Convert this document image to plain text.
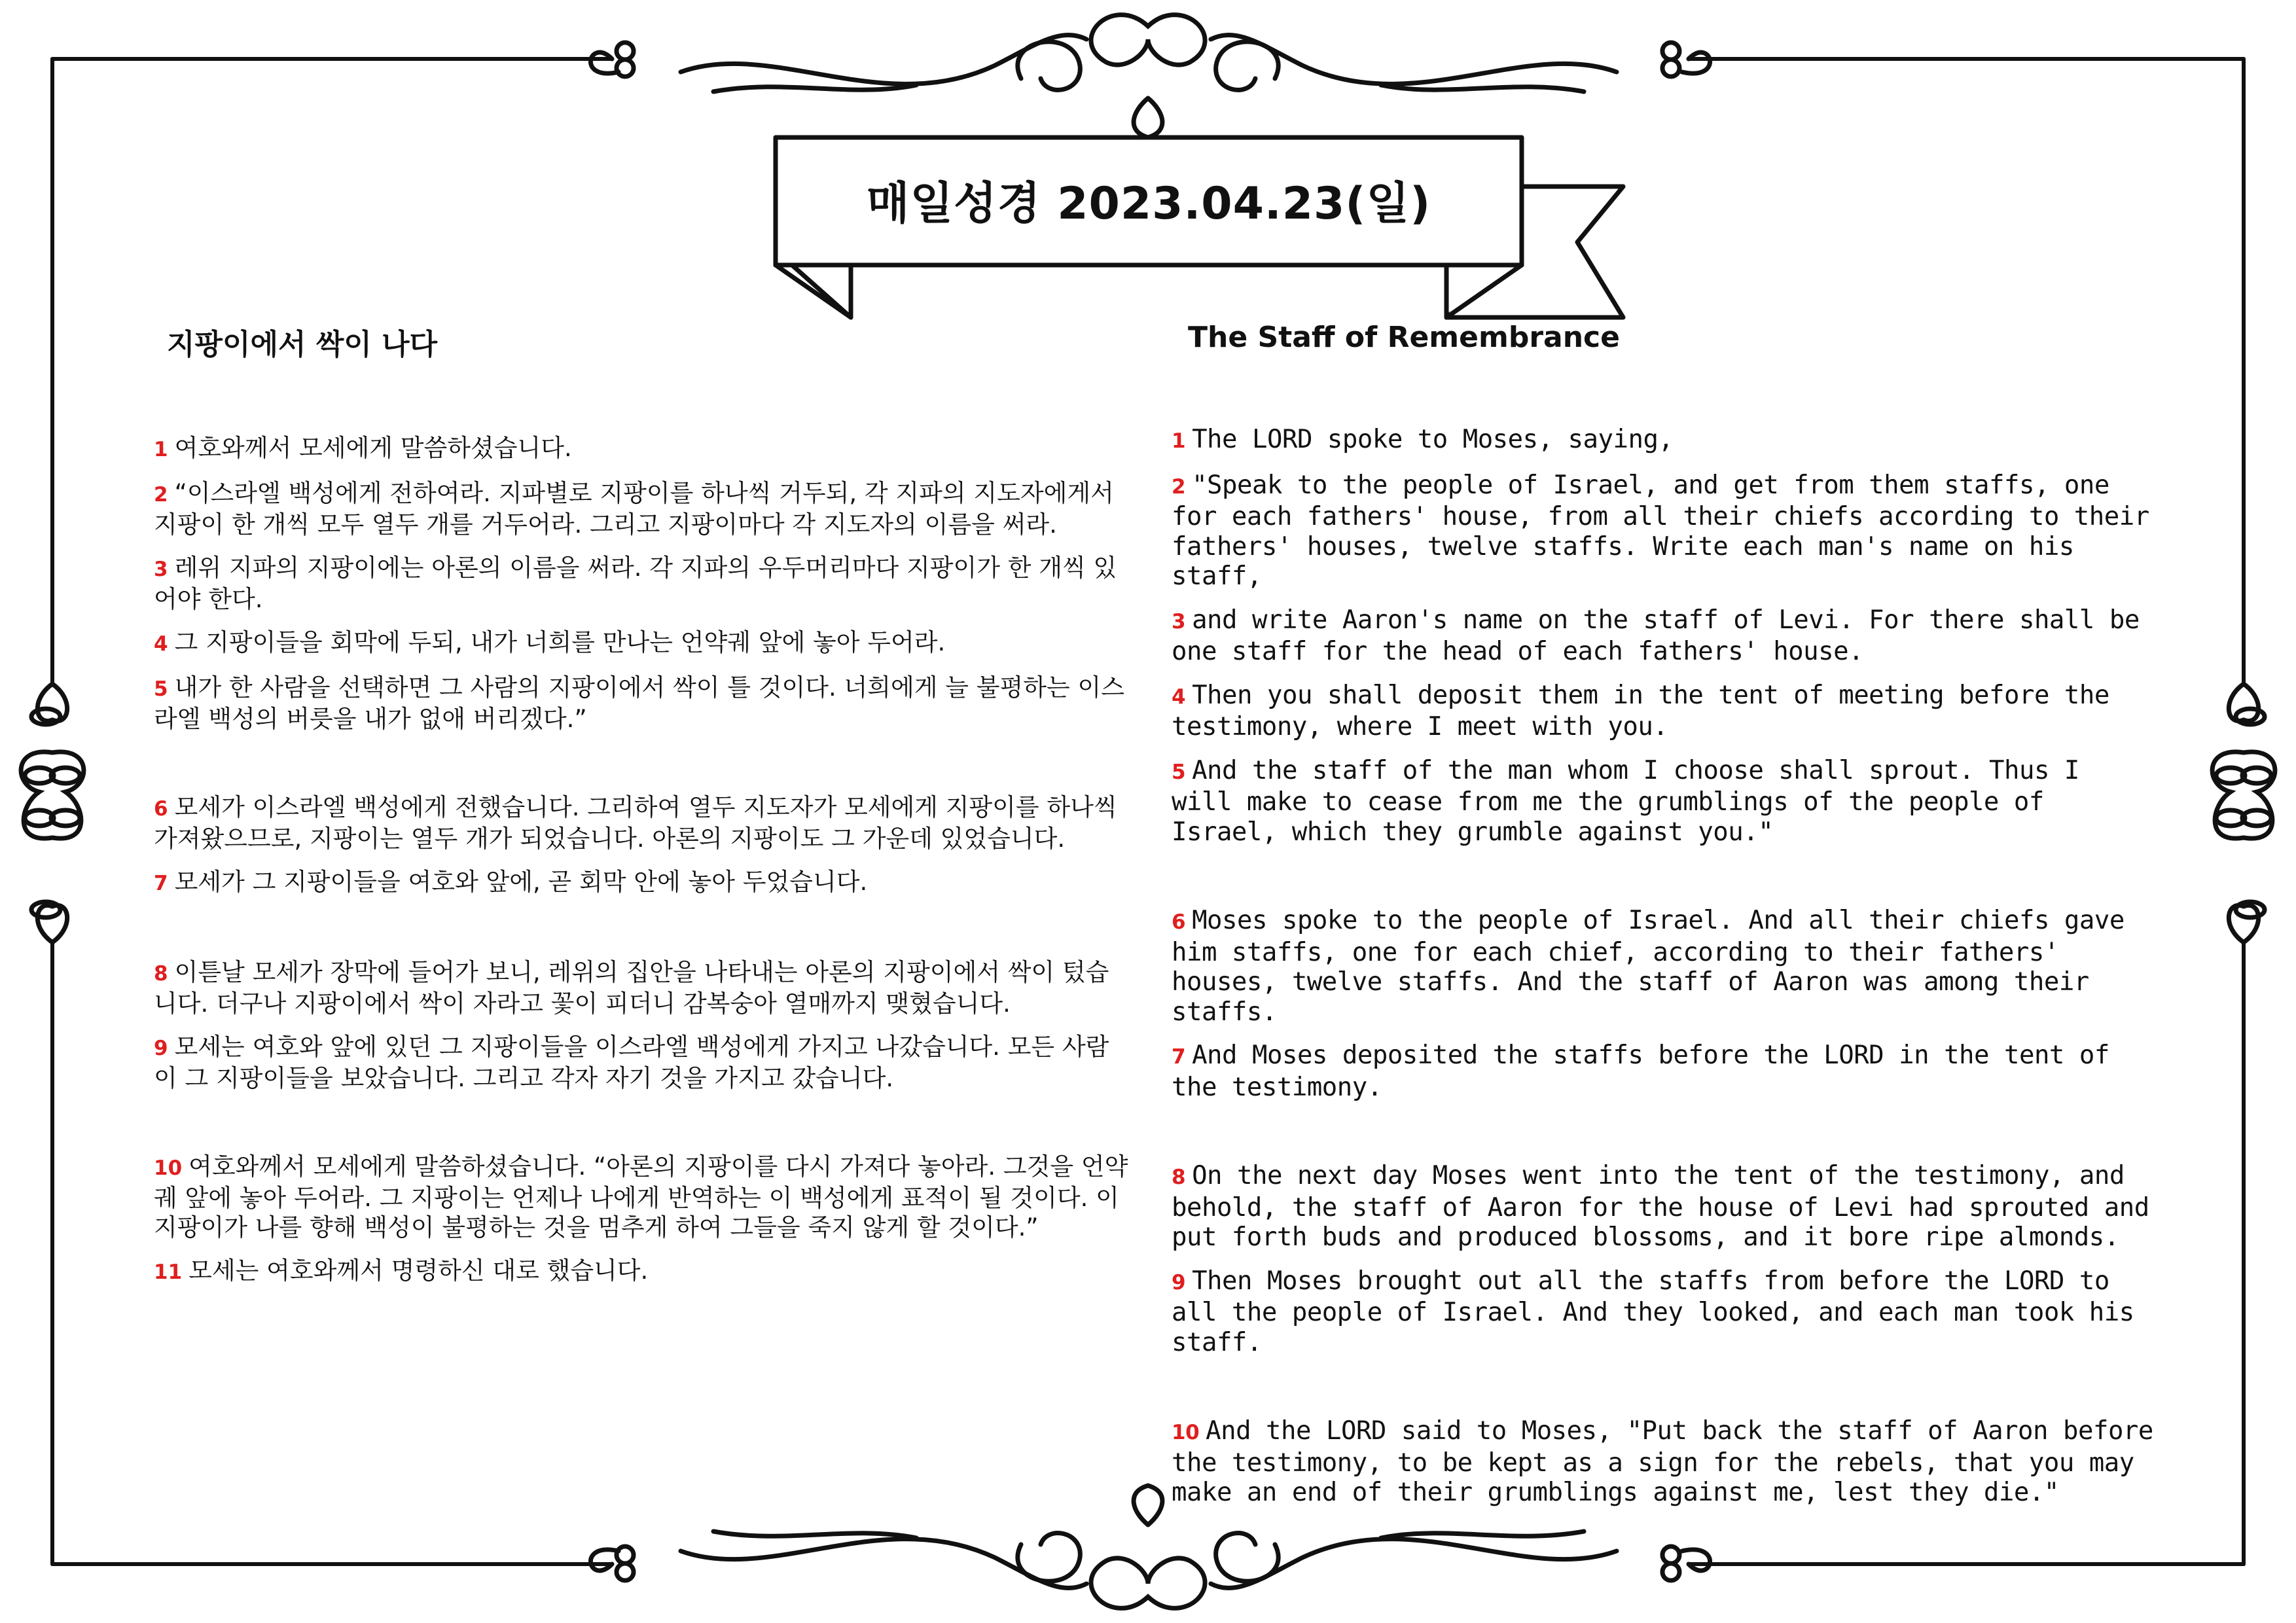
매일성경 2023.04.23(일)
지팡이에서 싹이 나다

1 여호와께서 모세에게 말씀하셨습니다.

2 “이스라엘 백성에게 전하여라. 지파별로 지팡이를 하나씩 거두되, 각 지파의 지도자에게서 지팡이 한 개씩 모두 열두 개를 거두어라. 그리고 지팡이마다 각 지도자의 이름을 써라.

3 레위 지파의 지팡이에는 아론의 이름을 써라. 각 지파의 우두머리마다 지팡이가 한 개씩 있어야 한다.

4 그 지팡이들을 회막에 두되, 내가 너희를 만나는 언약궤 앞에 놓아 두어라.

5 내가 한 사람을 선택하면 그 사람의 지팡이에서 싹이 틀 것이다. 너희에게 늘 불평하는 이스라엘 백성의 버릇을 내가 없애 버리겠다.”

6 모세가 이스라엘 백성에게 전했습니다. 그리하여 열두 지도자가 모세에게 지팡이를 하나씩 가져왔으므로, 지팡이는 열두 개가 되었습니다. 아론의 지팡이도 그 가운데 있었습니다.

7 모세가 그 지팡이들을 여호와 앞에, 곧 회막 안에 놓아 두었습니다.

8 이튿날 모세가 장막에 들어가 보니, 레위의 집안을 나타내는 아론의 지팡이에서 싹이 텄습니다. 더구나 지팡이에서 싹이 자라고 꽃이 피더니 감복숭아 열매까지 맺혔습니다.

9 모세는 여호와 앞에 있던 그 지팡이들을 이스라엘 백성에게 가지고 나갔습니다. 모든 사람이 그 지팡이들을 보았습니다. 그리고 각자 자기 것을 가지고 갔습니다.

10 여호와께서 모세에게 말씀하셨습니다. “아론의 지팡이를 다시 가져다 놓아라. 그것을 언약궤 앞에 놓아 두어라. 그 지팡이는 언제나 나에게 반역하는 이 백성에게 표적이 될 것이다. 이 지팡이가 나를 향해 백성이 불평하는 것을 멈추게 하여 그들을 죽지 않게 할 것이다.”

11 모세는 여호와께서 명령하신 대로 했습니다.

The Staff of Remembrance

1 The LORD spoke to Moses, saying,

2 "Speak to the people of Israel, and get from them staffs, one for each fathers' house, from all their chiefs according to their fathers' houses, twelve staffs. Write each man's name on his staff,

3 and write Aaron's name on the staff of Levi. For there shall be one staff for the head of each fathers' house.

4 Then you shall deposit them in the tent of meeting before the testimony, where I meet with you.

5 And the staff of the man whom I choose shall sprout. Thus I will make to cease from me the grumblings of the people of Israel, which they grumble against you."

6 Moses spoke to the people of Israel. And all their chiefs gave him staffs, one for each chief, according to their fathers' houses, twelve staffs. And the staff of Aaron was among their staffs.

7 And Moses deposited the staffs before the LORD in the tent of the testimony.

8 On the next day Moses went into the tent of the testimony, and behold, the staff of Aaron for the house of Levi had sprouted and put forth buds and produced blossoms, and it bore ripe almonds.

9 Then Moses brought out all the staffs from before the LORD to all the people of Israel. And they looked, and each man took his staff.

10 And the LORD said to Moses, "Put back the staff of Aaron before the testimony, to be kept as a sign for the rebels, that you may make an end of their grumblings against me, lest they die."
